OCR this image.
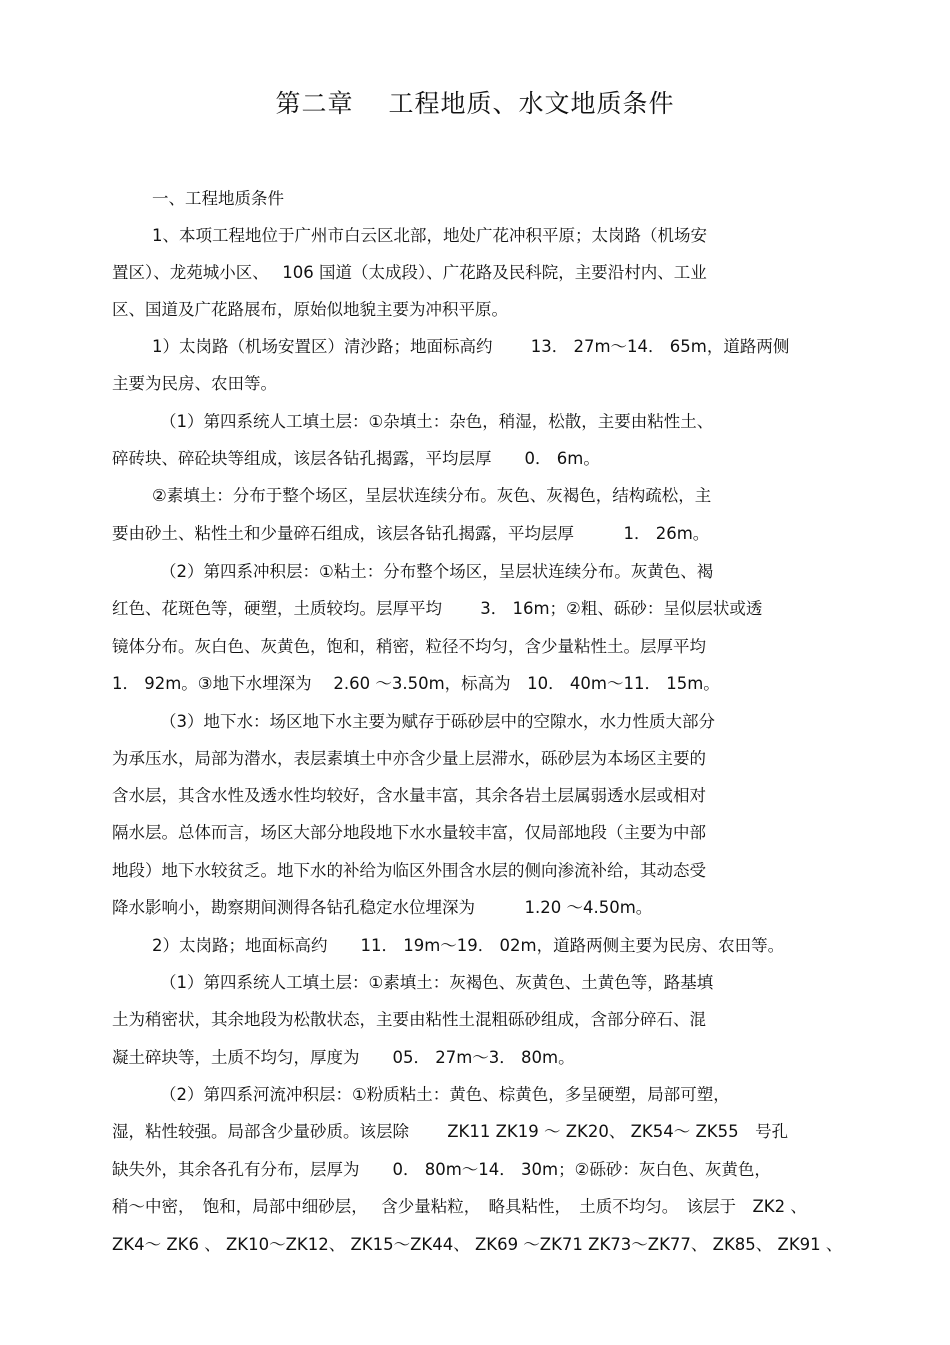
第二章　 工程地质、水文地质条件
一、工程地质条件
1、本项工程地位于广州市白云区北部，地处广花冲积平原；太岗路（机场安
置区）、龙苑城小区、　 106 国道（太成段）、广花路及民科院，主要沿村内、工业
区、国道及广花路展布，原始似地貌主要为冲积平原。
1）太岗路（机场安置区）清沙路；地面标高约　　 13． 27m～14． 65m，道路两侧
主要为民房、农田等。
（1）第四系统人工填土层：①杂填土：杂色，稍湿，松散，主要由粘性土、
碎砖块、碎砼块等组成，该层各钻孔揭露，平均层厚　　0． 6m。
②素填土：分布于整个场区，呈层状连续分布。灰色、灰褐色，结构疏松，主
要由砂土、粘性土和少量碎石组成，该层各钻孔揭露，平均层厚　　　1． 26m。
（2）第四系冲积层：①粘土：分布整个场区，呈层状连续分布。灰黄色、褐
红色、花斑色等，硬塑，土质较均。层厚平均　　 3． 16m；②粗、砾砂：呈似层状或透
镜体分布。灰白色、灰黄色，饱和，稍密，粒径不均匀，含少量粘性土。层厚平均
1． 92m。③地下水埋深为　 2.60 ～3.50m，标高为　10． 40m～11． 15m。
（3）地下水：场区地下水主要为赋存于砾砂层中的空隙水，水力性质大部分
为承压水，局部为潜水，表层素填土中亦含少量上层滞水，砾砂层为本场区主要的
含水层，其含水性及透水性均较好，含水量丰富，其余各岩土层属弱透水层或相对
隔水层。总体而言，场区大部分地段地下水水量较丰富，仅局部地段（主要为中部
地段）地下水较贫乏。地下水的补给为临区外围含水层的侧向渗流补给，其动态受
降水影响小，勘察期间测得各钻孔稳定水位埋深为　　　1.20 ～4.50m。
2）太岗路；地面标高约　　11． 19m～19． 02m，道路两侧主要为民房、农田等。
（1）第四系统人工填土层：①素填土：灰褐色、灰黄色、土黄色等，路基填
土为稍密状，其余地段为松散状态，主要由粘性土混粗砾砂组成，含部分碎石、混
凝土碎块等，土质不均匀，厚度为　　05． 27m～3． 80m。
（2）第四系河流冲积层：①粉质粘土：黄色、棕黄色，多呈硬塑，局部可塑，
湿，粘性较强。局部含少量砂质。该层除　　 ZK11 ZK19 ～ ZK20、 ZK54～ ZK55　号孔
缺失外，其余各孔有分布，层厚为　　0． 80m～14． 30m；②砾砂：灰白色、灰黄色，
稍～中密，　饱和，局部中细砂层，　 含少量粘粒，　略具粘性，　土质不均匀。　该层于　ZK2 、
ZK4～ ZK6 、 ZK10～ZK12、 ZK15～ZK44、 ZK69 ～ZK71 ZK73～ZK77、 ZK85、 ZK91 、
